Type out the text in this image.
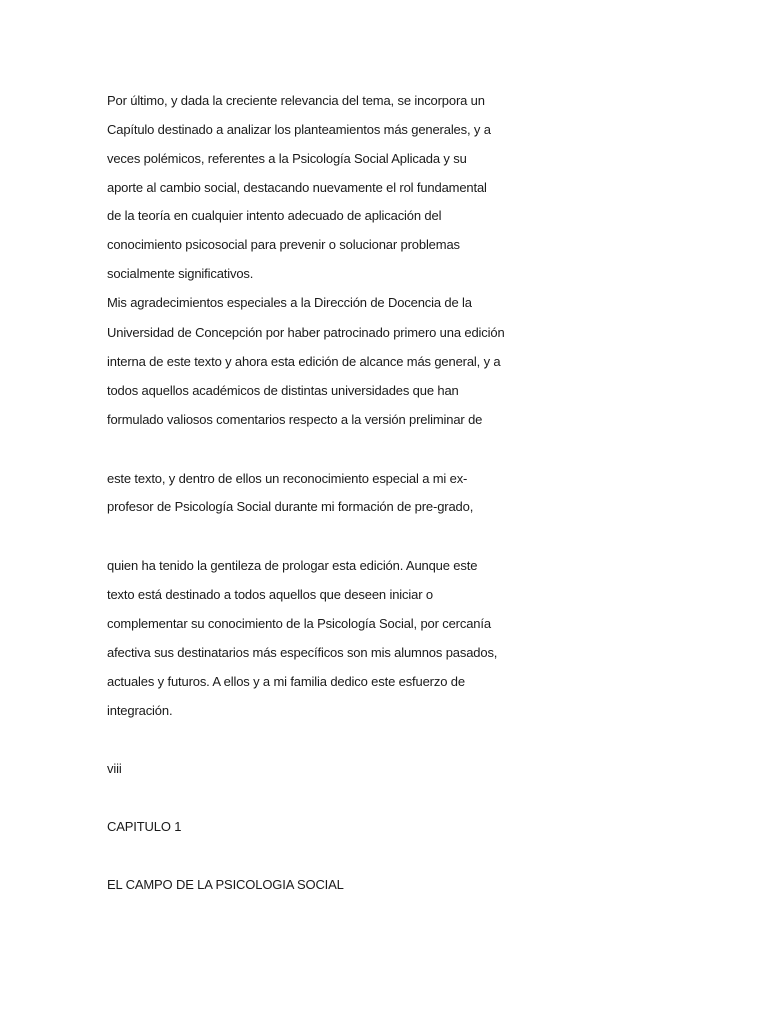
Por último, y dada la creciente relevancia del tema, se incorpora un
Capítulo destinado a analizar los planteamientos más generales, y a
veces polémicos, referentes a la Psicología Social Aplicada y su
aporte al cambio social, destacando nuevamente el rol fundamental
de la teoría en cualquier intento adecuado de aplicación del
conocimiento psicosocial para prevenir o solucionar problemas
socialmente significativos.
Mis agradecimientos especiales a la Dirección de Docencia de la
Universidad de Concepción por haber patrocinado primero una edición
interna de este texto y ahora esta edición de alcance más general, y a
todos aquellos académicos de distintas universidades que han
formulado valiosos comentarios respecto a la versión preliminar de
este texto, y dentro de ellos un reconocimiento especial a mi ex-
profesor de Psicología Social durante mi formación de pre-grado,
quien ha tenido la gentileza de prologar esta edición. Aunque este
texto está destinado a todos aquellos que deseen iniciar o
complementar su conocimiento de la Psicología Social, por cercanía
afectiva sus destinatarios más específicos son mis alumnos pasados,
actuales y futuros. A ellos y a mi familia dedico este esfuerzo de
integración.
viii
CAPITULO 1
EL CAMPO DE LA PSICOLOGIA SOCIAL
